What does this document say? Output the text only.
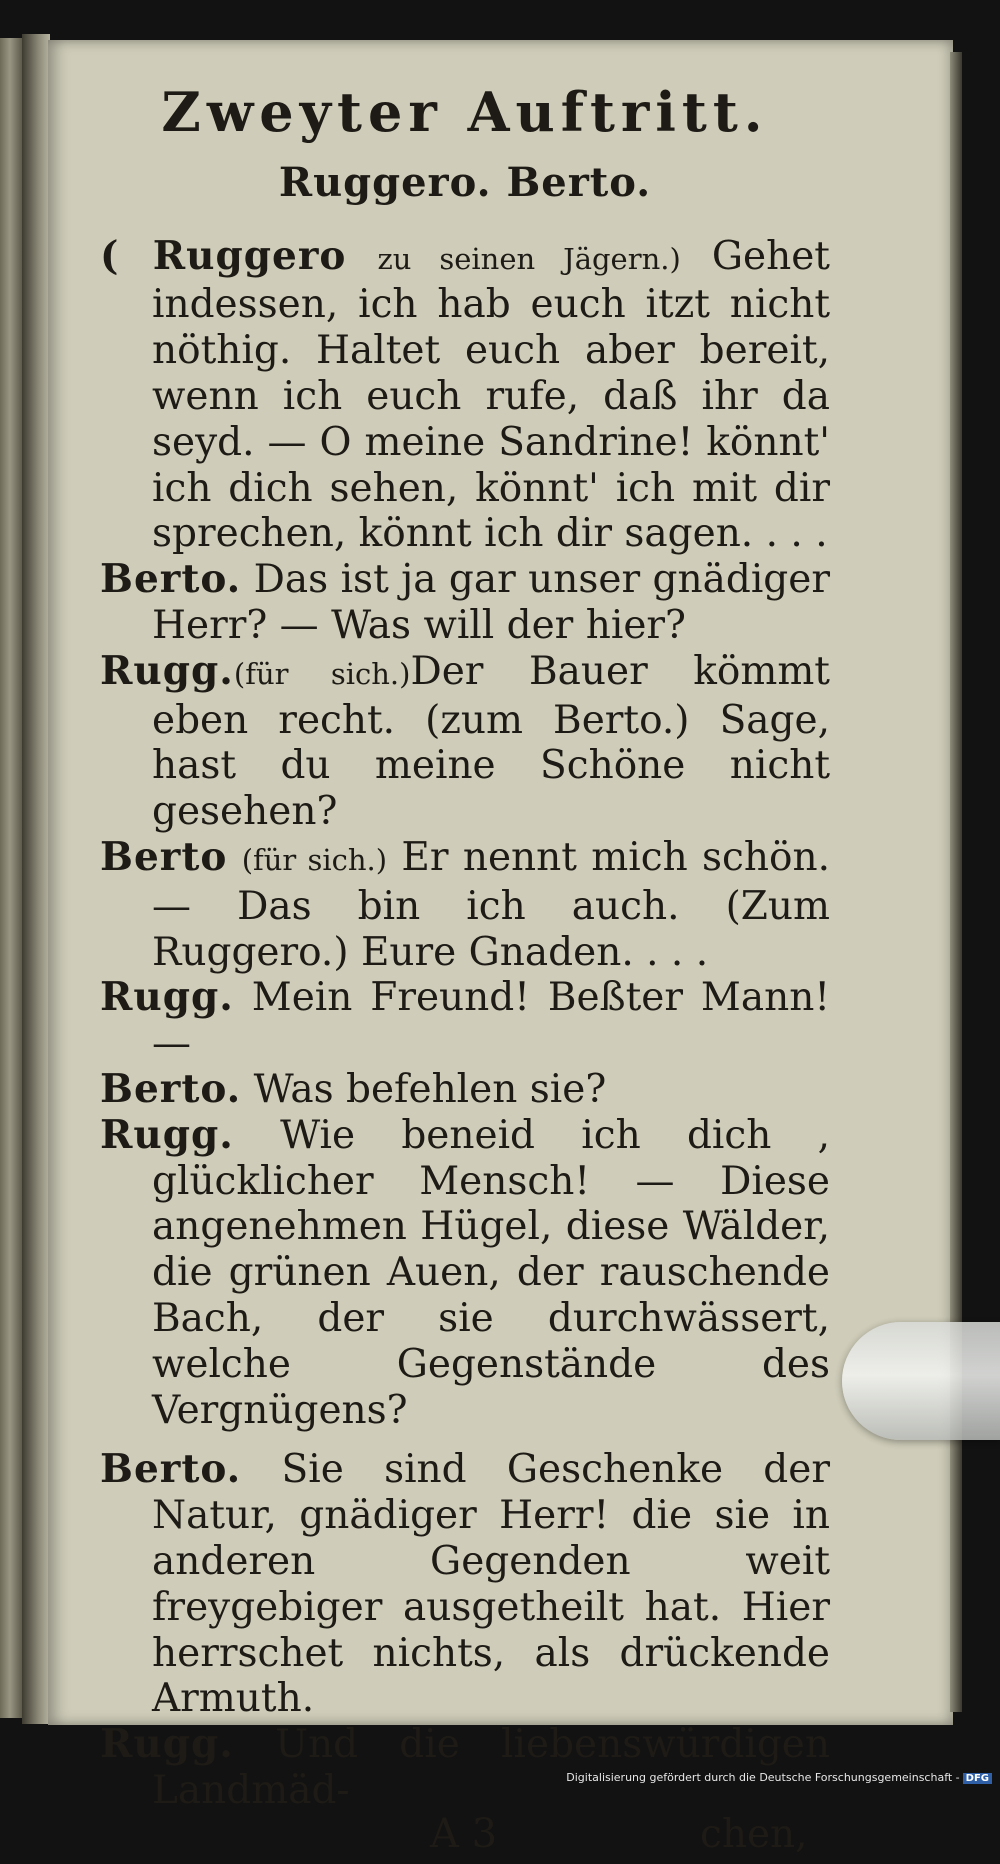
Zweyter Auftritt.
Ruggero. Berto.

( Ruggero zu seinen Jägern.) Gehet indessen, ich hab euch itzt nicht nöthig. Haltet euch aber bereit, wenn ich euch rufe, daß ihr da seyd. — O meine Sandrine! könnt' ich dich sehen, könnt' ich mit dir sprechen, könnt ich dir sagen. . . .

Berto. Das ist ja gar unser gnädiger Herr? — Was will der hier?

Rugg.(für sich.)Der Bauer kömmt eben recht. (zum Berto.) Sage, hast du meine Schöne nicht gesehen?

Berto (für sich.) Er nennt mich schön. — Das bin ich auch. (Zum Ruggero.) Eure Gnaden. . . .

Rugg. Mein Freund! Beßter Mann! —

Berto. Was befehlen sie?

Rugg. Wie beneid ich dich , glücklicher Mensch! — Diese angenehmen Hügel, diese Wälder, die grünen Auen, der rauschende Bach, der sie durchwässert, welche Gegenstände des Vergnügens?

Berto. Sie sind Geschenke der Natur, gnädiger Herr! die sie in anderen Gegenden weit freygebiger ausgetheilt hat. Hier herrschet nichts, als drückende Armuth.

Rugg. Und die liebenswürdigen Landmäd-

A 3	chen,
Digitalisierung gefördert durch die Deutsche Forschungsgemeinschaft - DFG
